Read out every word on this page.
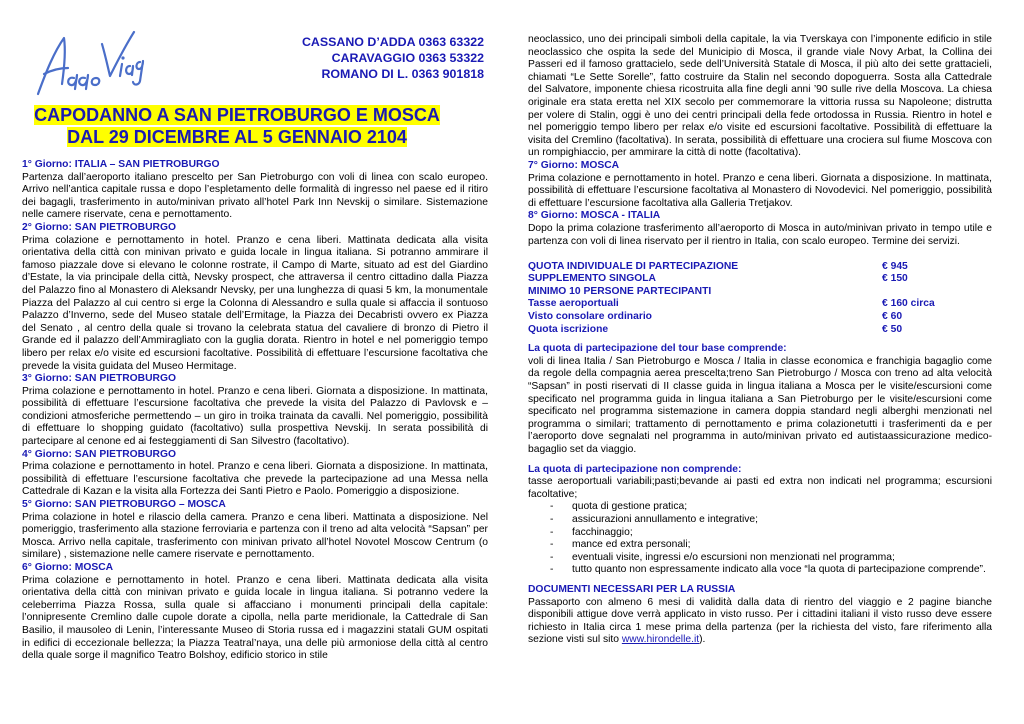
CASSANO D’ADDA 0363 63322
CARAVAGGIO 0363 53322
ROMANO DI L. 0363 901818
CAPODANNO A SAN PIETROBURGO E MOSCA
DAL 29 DICEMBRE AL 5 GENNAIO 2104

1° Giorno: ITALIA – SAN PIETROBURGO

Partenza dall’aeroporto italiano prescelto per San Pietroburgo con voli di linea con scalo europeo. Arrivo nell’antica capitale russa e dopo l’espletamento delle formalità di ingresso nel paese ed il ritiro dei bagagli, trasferimento in auto/minivan privato all’hotel Park Inn Nevskij o similare. Sistemazione nelle camere riservate, cena e pernottamento.

2° Giorno: SAN PIETROBURGO

Prima colazione e pernottamento in hotel. Pranzo e cena liberi. Mattinata dedicata alla visita orientativa della città con minivan privato e guida locale in lingua italiana. Si potranno ammirare il famoso piazzale dove si elevano le colonne rostrate, il Campo di Marte, situato ad est del Giardino d’Estate, la via principale della città, Nevsky prospect, che attraversa il centro cittadino dalla Piazza del Palazzo fino al Monastero di Aleksandr Nevsky, per una lunghezza di quasi 5 km, la monumentale Piazza del Palazzo al cui centro si erge la Colonna di Alessandro e sulla quale si affaccia il sontuoso Palazzo d’Inverno, sede del Museo statale dell’Ermitage, la Piazza dei Decabristi ovvero ex Piazza del Senato , al centro della quale si trovano la celebrata statua del cavaliere di bronzo di Pietro il Grande ed il palazzo dell’Ammiragliato con la guglia dorata. Rientro in hotel e nel pomeriggio tempo libero per relax e/o visite ed escursioni facoltative. Possibilità di effettuare l’escursione facoltativa che prevede la visita guidata del Museo Hermitage.

3° Giorno: SAN PIETROBURGO

Prima colazione e pernottamento in hotel. Pranzo e cena liberi. Giornata a disposizione. In mattinata, possibilità di effettuare l’escursione facoltativa che prevede la visita del Palazzo di Pavlovsk e – condizioni atmosferiche permettendo – un giro in troika trainata da cavalli. Nel pomeriggio, possibilità di effettuare lo shopping guidato (facoltativo) sulla prospettiva Nevskij. In serata possibilità di partecipare al cenone ed ai festeggiamenti di San Silvestro (facoltativo).

4° Giorno: SAN PIETROBURGO

Prima colazione e pernottamento in hotel. Pranzo e cena liberi. Giornata a disposizione. In mattinata, possibilità di effettuare l’escursione facoltativa che prevede la partecipazione ad una Messa nella Cattedrale di Kazan e la visita alla Fortezza dei Santi Pietro e Paolo. Pomeriggio a disposizione.

5° Giorno: SAN PIETROBURGO – MOSCA

Prima colazione in hotel e rilascio della camera. Pranzo e cena liberi. Mattinata a disposizione. Nel pomeriggio, trasferimento alla stazione ferroviaria e partenza con il treno ad alta velocità “Sapsan” per Mosca. Arrivo nella capitale, trasferimento con minivan privato all’hotel Novotel Moscow Centrum (o similare) , sistemazione nelle camere riservate e pernottamento.

6° Giorno: MOSCA

Prima colazione e pernottamento in hotel. Pranzo e cena liberi. Mattinata dedicata alla visita orientativa della città con minivan privato e guida locale in lingua italiana. Si potranno vedere la celeberrima Piazza Rossa, sulla quale si affacciano i monumenti principali della capitale: l’onnipresente Cremlino dalle cupole dorate a cipolla, nella parte meridionale, la Cattedrale di San Basilio, il mausoleo di Lenin, l’interessante Museo di Storia russa ed i magazzini statali GUM ospitati in edifici di eccezionale bellezza; la Piazza Teatral’naya, una delle più armoniose della città al centro della quale sorge il magnifico Teatro Bolshoy, edificio storico in stile

neoclassico, uno dei principali simboli della capitale, la via Tverskaya con l’imponente edificio in stile neoclassico che ospita la sede del Municipio di Mosca, il grande viale Novy Arbat, la Collina dei Passeri ed il famoso grattacielo, sede dell’Università Statale di Mosca, il più alto dei sette grattacieli, chiamati “Le Sette Sorelle”, fatto costruire da Stalin nel secondo dopoguerra. Sosta alla Cattedrale del Salvatore, imponente chiesa ricostruita alla fine degli anni ’90 sulle rive della Moscova. La chiesa originale era stata eretta nel XIX secolo per commemorare la vittoria russa su Napoleone; distrutta per volere di Stalin, oggi è uno dei centri principali della fede ortodossa in Russia. Rientro in hotel e nel pomeriggio tempo libero per relax e/o visite ed escursioni facoltative. Possibilità di effettuare la visita del Cremlino (facoltativa). In serata, possibilità di effettuare una crociera sul fiume Moscova con un rompighiaccio, per ammirare la città di notte (facoltativa).

7° Giorno: MOSCA

Prima colazione e pernottamento in hotel. Pranzo e cena liberi. Giornata a disposizione. In mattinata, possibilità di effettuare l’escursione facoltativa al Monastero di Novodevici. Nel pomeriggio, possibilità di effettuare l’escursione facoltativa alla Galleria Tretjakov.

8° Giorno: MOSCA - ITALIA

Dopo la prima colazione trasferimento all’aeroporto di Mosca in auto/minivan privato in tempo utile e partenza con voli di linea riservato per il rientro in Italia, con scalo europeo. Termine dei servizi.

QUOTA INDIVIDUALE DI PARTECIPAZIONE	€ 945
SUPPLEMENTO SINGOLA	€ 150
MINIMO 10 PERSONE PARTECIPANTI
Tasse aeroportuali	€ 160 circa
Visto consolare ordinario	€ 60
Quota iscrizione	€ 50

La quota di partecipazione del tour base comprende:

voli di linea Italia / San Pietroburgo e Mosca / Italia in classe economica e franchigia bagaglio come da regole della compagnia aerea prescelta;treno San Pietroburgo / Mosca con treno ad alta velocità “Sapsan” in posti riservati di II classe guida in lingua italiana a Mosca per le visite/escursioni come specificato nel programma guida in lingua italiana a San Pietroburgo per le visite/escursioni come specificato nel programma sistemazione in camera doppia standard negli alberghi menzionati nel programma o similari; trattamento di pernottamento e prima colazionetutti i trasferimenti da e per l’aeroporto dove segnalati nel programma in auto/minivan privato ed autistaassicurazione medico-bagaglio set da viaggio.

La quota di partecipazione non comprende:

tasse aeroportuali variabili;pasti;bevande ai pasti ed extra non indicati nel programma; escursioni facoltative;

- quota di gestione pratica;
- assicurazioni annullamento e integrative;
- facchinaggio;
- mance ed extra personali;
- eventuali visite, ingressi e/o escursioni non menzionati nel programma;
- tutto quanto non espressamente indicato alla voce “la quota di partecipazione comprende”.

DOCUMENTI NECESSARI PER LA RUSSIA

Passaporto con almeno 6 mesi di validità dalla data di rientro del viaggio e 2 pagine bianche disponibili attigue dove verrà applicato in visto russo. Per i cittadini italiani il visto russo deve essere richiesto in Italia circa 1 mese prima della partenza (per la richiesta del visto, fare riferimento alla sezione visti sul sito www.hirondelle.it).
